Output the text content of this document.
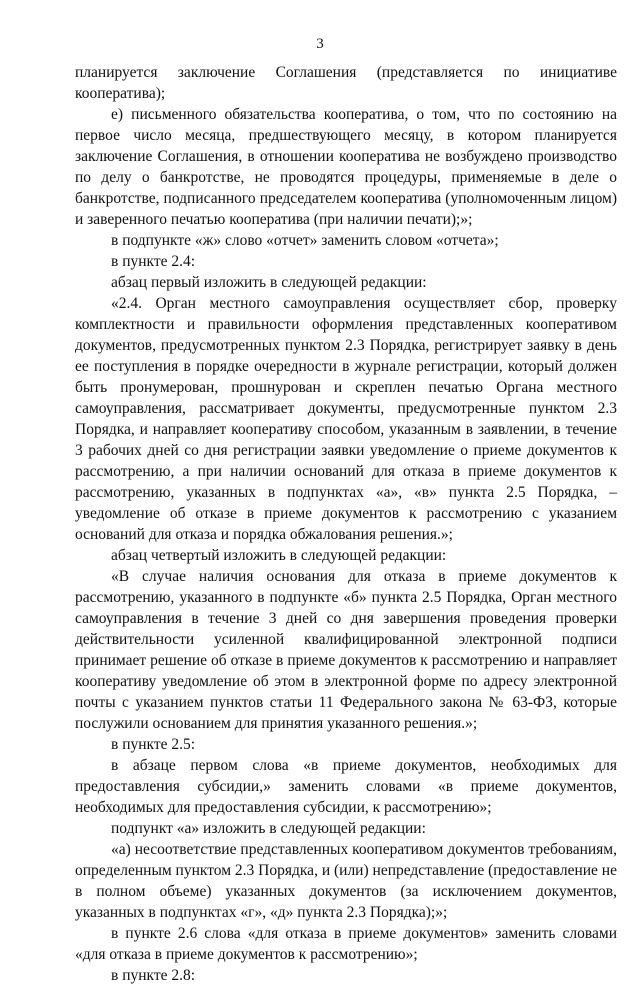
3

планируется заключение Соглашения (представляется по инициативе кооператива);

е) письменного обязательства кооператива, о том, что по состоянию на первое число месяца, предшествующего месяцу, в котором планируется заключение Соглашения, в отношении кооператива не возбуждено производство по делу о банкротстве, не проводятся процедуры, применяемые в деле о банкротстве, подписанного председателем кооператива (уполномоченным лицом) и заверенного печатью кооператива (при наличии печати);»;

в подпункте «ж» слово «отчет» заменить словом «отчета»;

в пункте 2.4:

абзац первый изложить в следующей редакции:

«2.4. Орган местного самоуправления осуществляет сбор, проверку комплектности и правильности оформления представленных кооперативом документов, предусмотренных пунктом 2.3 Порядка, регистрирует заявку в день ее поступления в порядке очередности в журнале регистрации, который должен быть пронумерован, прошнурован и скреплен печатью Органа местного самоуправления, рассматривает документы, предусмотренные пунктом 2.3 Порядка, и направляет кооперативу способом, указанным в заявлении, в течение 3 рабочих дней со дня регистрации заявки уведомление о приеме документов к рассмотрению, а при наличии оснований для отказа в приеме документов к рассмотрению, указанных в подпунктах «а», «в» пункта 2.5 Порядка, – уведомление об отказе в приеме документов к рассмотрению с указанием оснований для отказа и порядка обжалования решения.»;

абзац четвертый изложить в следующей редакции:

«В случае наличия основания для отказа в приеме документов к рассмотрению, указанного в подпункте «б» пункта 2.5 Порядка, Орган местного самоуправления в течение 3 дней со дня завершения проведения проверки действительности усиленной квалифицированной электронной подписи принимает решение об отказе в приеме документов к рассмотрению и направляет кооперативу уведомление об этом в электронной форме по адресу электронной почты с указанием пунктов статьи 11 Федерального закона № 63-ФЗ, которые послужили основанием для принятия указанного решения.»;

в пункте 2.5:

в абзаце первом слова «в приеме документов, необходимых для предоставления субсидии,» заменить словами «в приеме документов, необходимых для предоставления субсидии, к рассмотрению»;

подпункт «а» изложить в следующей редакции:

«а) несоответствие представленных кооперативом документов требованиям, определенным пунктом 2.3 Порядка, и (или) непредставление (предоставление не в полном объеме) указанных документов (за исключением документов, указанных в подпунктах «г», «д» пункта 2.3 Порядка);»;

в пункте 2.6 слова «для отказа в приеме документов» заменить словами «для отказа в приеме документов к рассмотрению»;

в пункте 2.8:
